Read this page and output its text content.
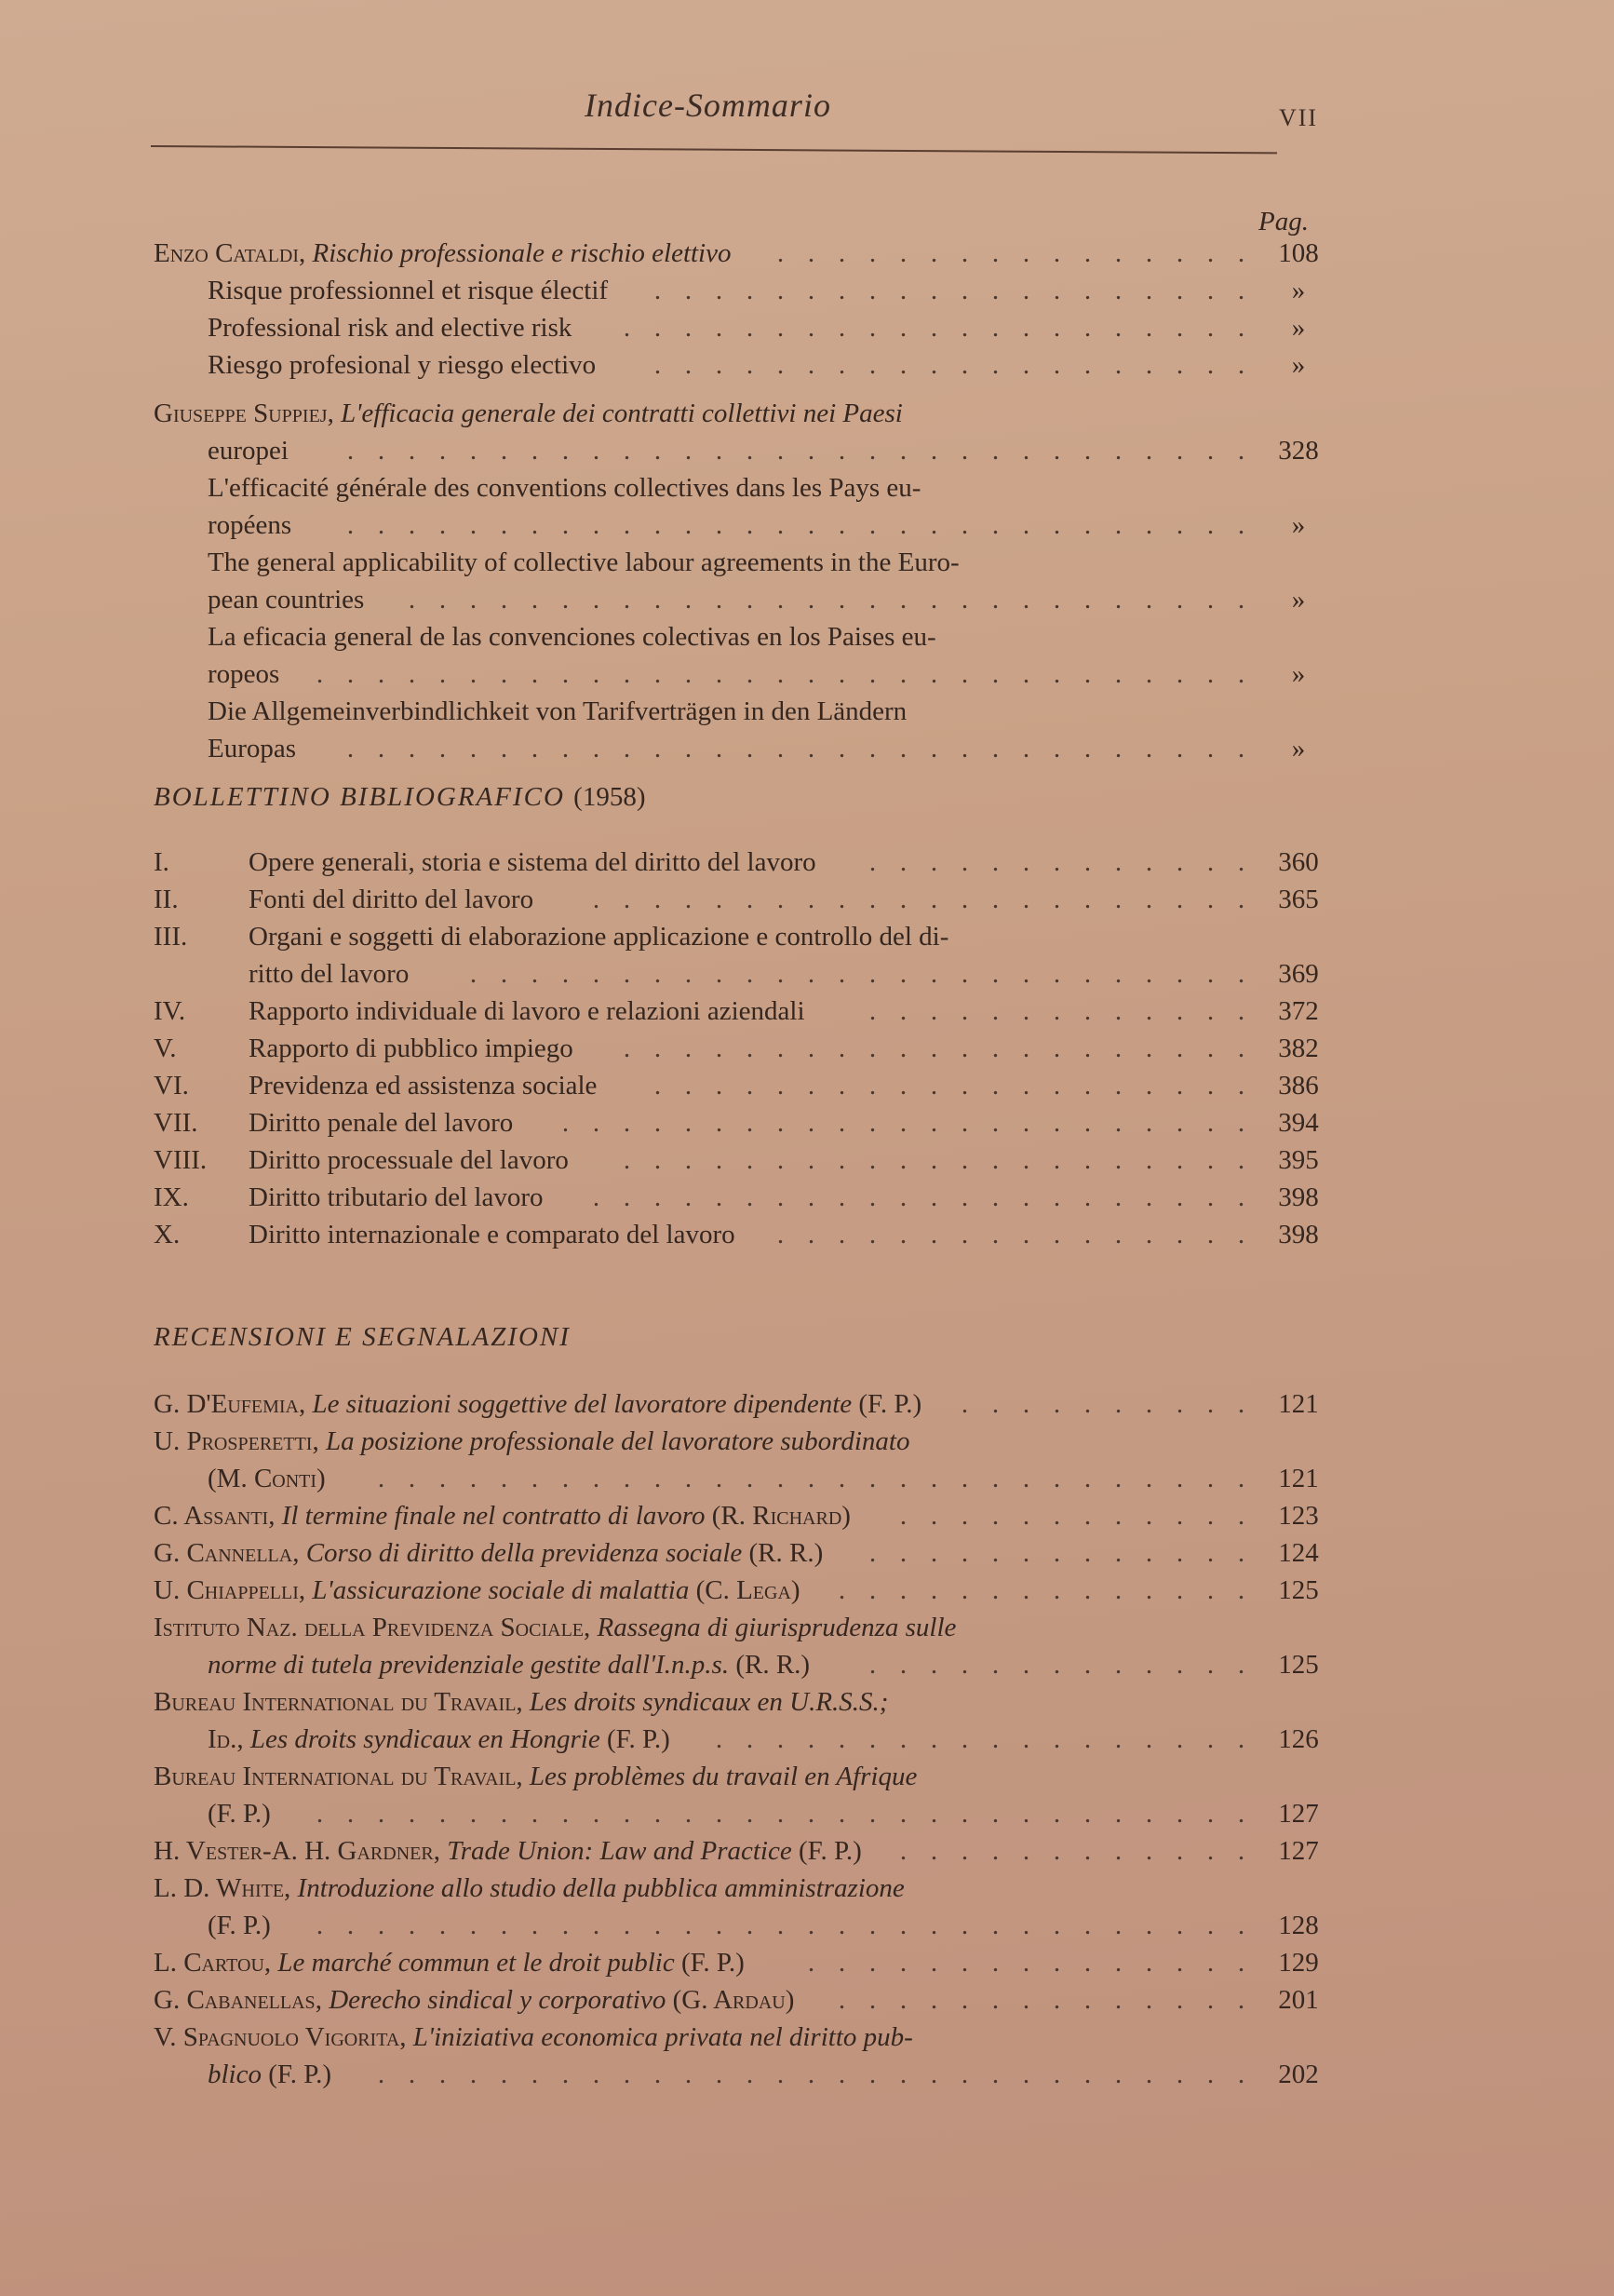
Indice-Sommario	VII
Pag.
Enzo Cataldi, Rischio professionale e rischio elettivo	108
. . . . . . . . . . . . . . . .
Risque professionnel et risque électif	»
. . . . . . . . . . . . . . . . . . . .
Professional risk and elective risk	»
. . . . . . . . . . . . . . . . . . . . .
Riesgo profesional y riesgo electivo	»
. . . . . . . . . . . . . . . . . . . .
Giuseppe Suppiej, L'efficacia generale dei contratti collettivi nei Paesi
europei	328
. . . . . . . . . . . . . . . . . . . . . . . . . . . . . .
L'efficacité générale des conventions collectives dans les Pays eu-
ropéens	»
. . . . . . . . . . . . . . . . . . . . . . . . . . . . . .
The general applicability of collective labour agreements in the Euro-
pean countries	»
. . . . . . . . . . . . . . . . . . . . . . . . . . . .
La eficacia general de las convenciones colectivas en los Paises eu-
ropeos	»
. . . . . . . . . . . . . . . . . . . . . . . . . . . . . . .
Die Allgemeinverbindlichkeit von Tarifverträgen in den Ländern
Europas	»
. . . . . . . . . . . . . . . . . . . . . . . . . . . . . .
BOLLETTINO BIBLIOGRAFICO (1958)
I.	Opere generali, storia e sistema del diritto del lavoro	360
. . . . . . . . . . . . .
II.	Fonti del diritto del lavoro	365
. . . . . . . . . . . . . . . . . . . . . .
III. Organi e soggetti di elaborazione applicazione e controllo del di-
ritto del lavoro	369
. . . . . . . . . . . . . . . . . . . . . . . . . .
IV. Rapporto individuale di lavoro e relazioni aziendali	372
. . . . . . . . . . . . .
V.	Rapporto di pubblico impiego	382
. . . . . . . . . . . . . . . . . . . . .
VI. Previdenza ed assistenza sociale	386
. . . . . . . . . . . . . . . . . . . .
VII. Diritto penale del lavoro	394
. . . . . . . . . . . . . . . . . . . . . . .
VIII. Diritto processuale del lavoro	395
. . . . . . . . . . . . . . . . . . . . .
IX. Diritto tributario del lavoro	398
. . . . . . . . . . . . . . . . . . . . . .
X.	Diritto internazionale e comparato del lavoro	398
. . . . . . . . . . . . . . . .
RECENSIONI E SEGNALAZIONI
G. D'Eufemia, Le situazioni soggettive del lavoratore dipendente (F. P.)	121
. . . . . . . . . .
U. Prosperetti, La posizione professionale del lavoratore subordinato
(M. Conti)	121
. . . . . . . . . . . . . . . . . . . . . . . . . . . . .
C. Assanti, Il termine finale nel contratto di lavoro (R. Richard)	123
. . . . . . . . . . . .
G. Cannella, Corso di diritto della previdenza sociale (R. R.)	124
. . . . . . . . . . . . .
U. Chiappelli, L'assicurazione sociale di malattia (C. Lega)	125
. . . . . . . . . . . . . .
Istituto Naz. della Previdenza Sociale, Rassegna di giurisprudenza sulle
norme di tutela previdenziale gestite dall'I.n.p.s. (R. R.)	125
. . . . . . . . . . . . .
Bureau International du Travail, Les droits syndicaux en U.R.S.S.;
Id., Les droits syndicaux en Hongrie (F. P.)	126
. . . . . . . . . . . . . . . . . .
Bureau International du Travail, Les problèmes du travail en Afrique
(F. P.)	127
. . . . . . . . . . . . . . . . . . . . . . . . . . . . . . .
H. Vester-A. H. Gardner, Trade Union: Law and Practice (F. P.)	127
. . . . . . . . . . . .
L. D. White, Introduzione allo studio della pubblica amministrazione
(F. P.)	128
. . . . . . . . . . . . . . . . . . . . . . . . . . . . . . .
L. Cartou, Le marché commun et le droit public (F. P.)	129
. . . . . . . . . . . . . . .
G. Cabanellas, Derecho sindical y corporativo (G. Ardau)	201
. . . . . . . . . . . . . .
V. Spagnuolo Vigorita, L'iniziativa economica privata nel diritto pub-
blico (F. P.)	202
. . . . . . . . . . . . . . . . . . . . . . . . . . . . .
